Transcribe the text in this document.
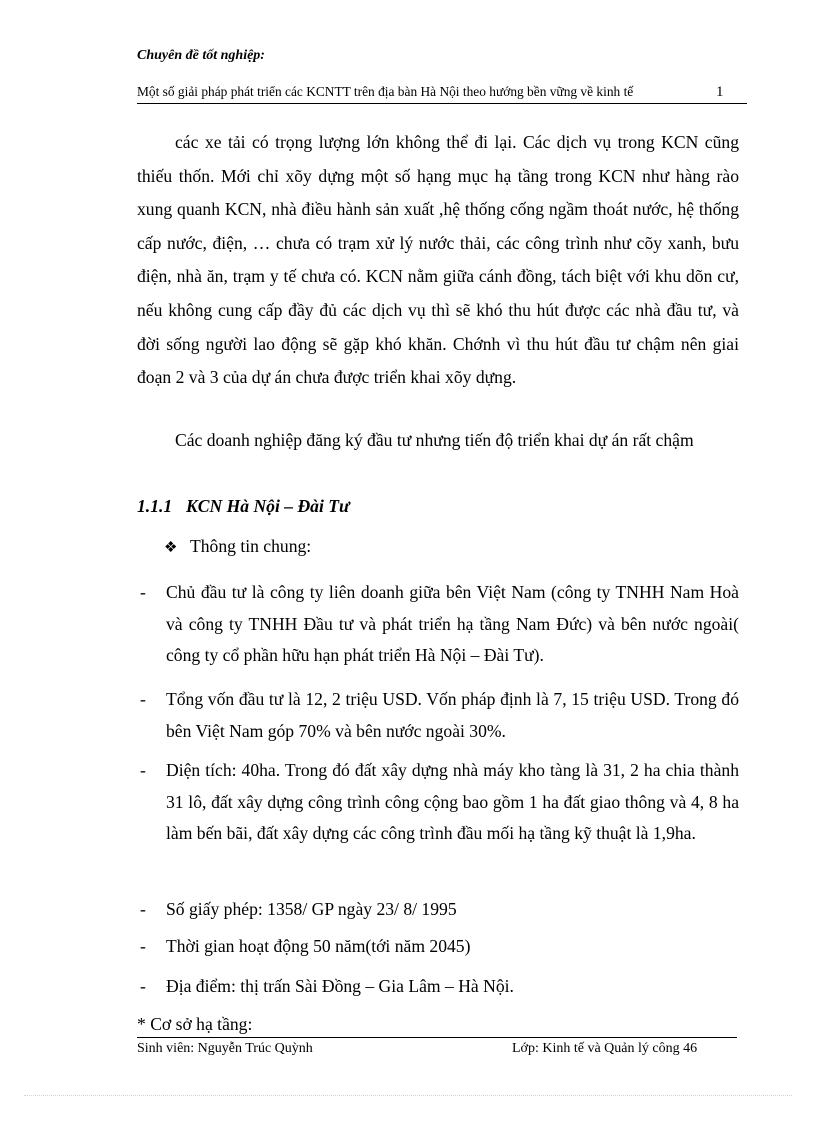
Chuyên đề tốt nghiệp:
Một số giải pháp phát triển các KCNTT trên địa bàn Hà Nội theo hướng bền vững về kinh tế	1

các xe tải có trọng lượng lớn không thể đi lại. Các dịch vụ trong KCN cũng thiếu thốn. Mới chỉ xõy dựng một số hạng mục hạ tầng trong KCN như hàng rào xung quanh KCN, nhà điều hành sản xuất ,hệ thống cống ngầm thoát nước, hệ thống cấp nước, điện, … chưa có trạm xử lý nước thải, các công trình như cõy xanh, bưu điện, nhà ăn, trạm y tế chưa có. KCN nằm giữa cánh đồng, tách biệt với khu dõn cư, nếu không cung cấp đầy đủ các dịch vụ thì sẽ khó thu hút được các nhà đầu tư, và đời sống người lao động sẽ gặp khó khăn. Chớnh vì thu hút đầu tư chậm nên giai đoạn 2 và 3 của dự án chưa được triển khai xõy dựng.

Các doanh nghiệp đăng ký đầu tư nhưng tiến độ triển khai dự án rất chậm

1.1.1 KCN Hà Nội – Đài Tư
❖ Thông tin chung:
- Chủ đầu tư là công ty liên doanh giữa bên Việt Nam (công ty TNHH Nam Hoà và công ty TNHH Đầu tư và phát triển hạ tầng Nam Đức) và bên nước ngoài( công ty cổ phần hữu hạn phát triển Hà Nội – Đài Tư).
- Tổng vốn đầu tư là 12, 2 triệu USD. Vốn pháp định là 7, 15 triệu USD. Trong đó bên Việt Nam góp 70% và bên nước ngoài 30%.
- Diện tích: 40ha. Trong đó đất xây dựng nhà máy kho tàng là 31, 2 ha chia thành 31 lô, đất xây dựng công trình công cộng bao gồm 1 ha đất giao thông và 4, 8 ha làm bến bãi, đất xây dựng các công trình đầu mối hạ tầng kỹ thuật là 1,9ha.
- Số giấy phép: 1358/ GP ngày 23/ 8/ 1995
- Thời gian hoạt động 50 năm(tới năm 2045)
- Địa điểm: thị trấn Sài Đồng – Gia Lâm – Hà Nội.
* Cơ sở hạ tầng:
Sinh viên: Nguyễn Trúc Quỳnh	Lớp: Kinh tế và Quản lý công 46
